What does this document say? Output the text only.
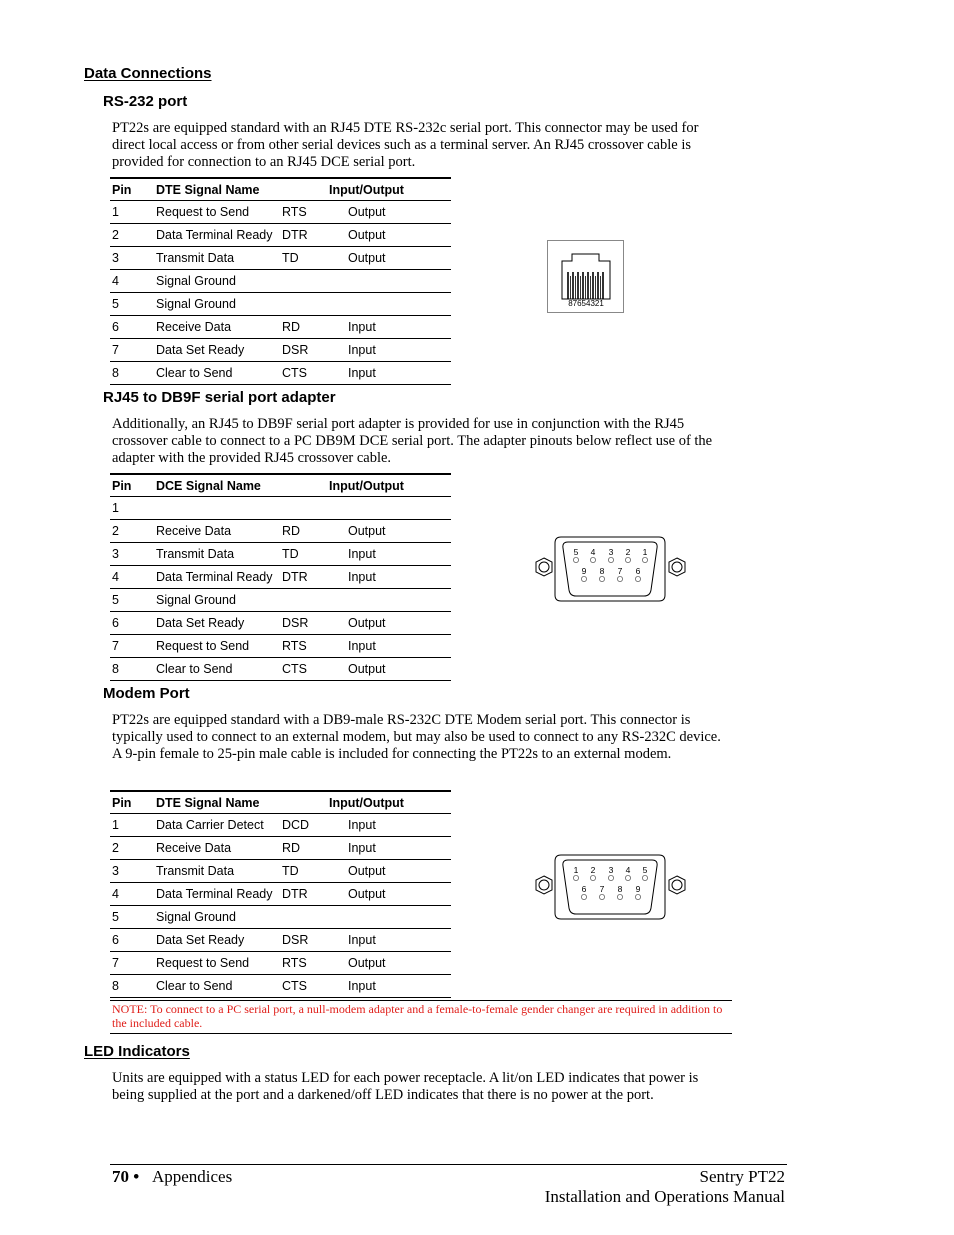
Data Connections
RS-232 port
PT22s are equipped standard with an RJ45 DTE RS-232c serial port. This connector may be used for direct local access or from other serial devices such as a terminal server. An RJ45 crossover cable is provided for connection to an RJ45 DCE serial port.
Pin	DTE Signal Name		Input/Output
1	Request to Send	RTS	Output
2	Data Terminal Ready	DTR	Output
3	Transmit Data	TD	Output
4	Signal Ground		
5	Signal Ground		
6	Receive Data	RD	Input
7	Data Set Ready	DSR	Input
8	Clear to Send	CTS	Input
87654321
RJ45 to DB9F serial port adapter
Additionally, an RJ45 to DB9F serial port adapter is provided for use in conjunction with the RJ45 crossover cable to connect to a PC DB9M DCE serial port. The adapter pinouts below reflect use of the adapter with the provided RJ45 crossover cable.
Pin	DCE Signal Name		Input/Output
1			
2	Receive Data	RD	Output
3	Transmit Data	TD	Input
4	Data Terminal Ready	DTR	Input
5	Signal Ground		
6	Data Set Ready	DSR	Output
7	Request to Send	RTS	Input
8	Clear to Send	CTS	Output
5 4 3 2 1
9 8 7 6
Modem Port
PT22s are equipped standard with a DB9-male RS-232C DTE Modem serial port. This connector is typically used to connect to an external modem, but may also be used to connect to any RS-232C device. A 9-pin female to 25-pin male cable is included for connecting the PT22s to an external modem.
Pin	DTE Signal Name		Input/Output
1	Data Carrier Detect	DCD	Input
2	Receive Data	RD	Input
3	Transmit Data	TD	Output
4	Data Terminal Ready	DTR	Output
5	Signal Ground		
6	Data Set Ready	DSR	Input
7	Request to Send	RTS	Output
8	Clear to Send	CTS	Input
1 2 3 4 5
6 7 8 9
NOTE: To connect to a PC serial port, a null-modem adapter and a female-to-female gender changer are required in addition to the included cable.
LED Indicators
Units are equipped with a status LED for each power receptacle. A lit/on LED indicates that power is being supplied at the port and a darkened/off LED indicates that there is no power at the port.
70 • Appendices	Sentry PT22
Installation and Operations Manual
